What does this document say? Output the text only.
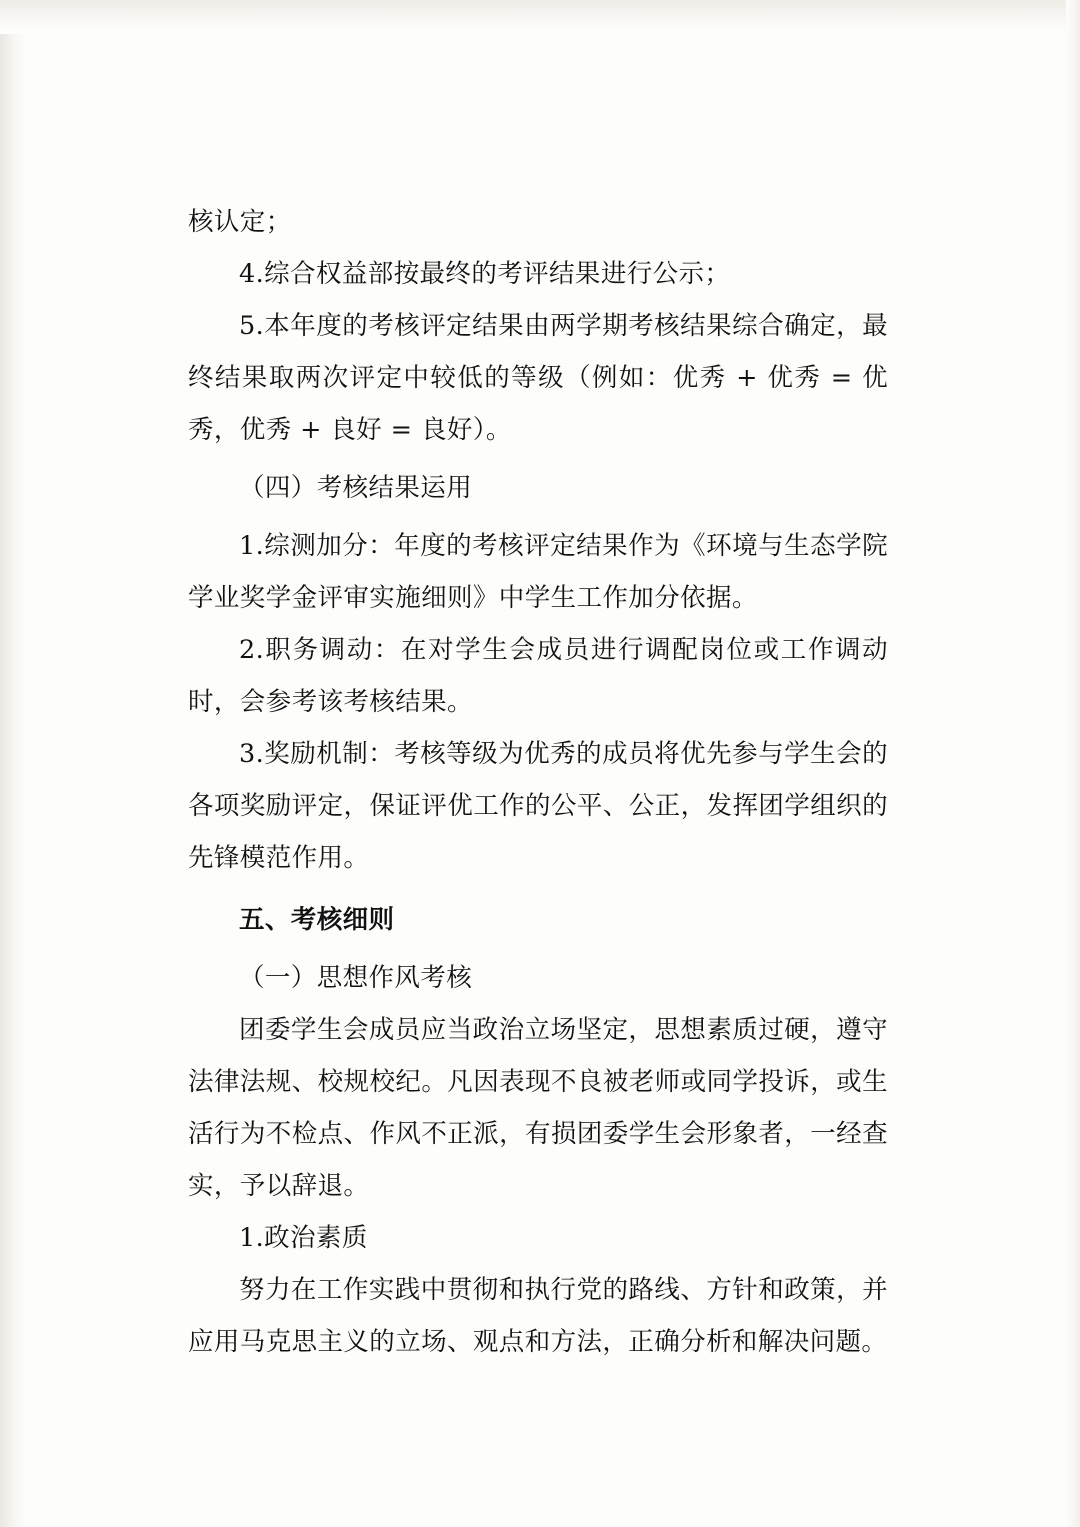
核认定；

4.综合权益部按最终的考评结果进行公示；

5.本年度的考核评定结果由两学期考核结果综合确定，最终结果取两次评定中较低的等级（例如：优秀 + 优秀 = 优秀，优秀 + 良好 = 良好）。

（四）考核结果运用

1.综测加分：年度的考核评定结果作为《环境与生态学院学业奖学金评审实施细则》中学生工作加分依据。

2.职务调动：在对学生会成员进行调配岗位或工作调动时，会参考该考核结果。

3.奖励机制：考核等级为优秀的成员将优先参与学生会的各项奖励评定，保证评优工作的公平、公正，发挥团学组织的先锋模范作用。

五、考核细则

（一）思想作风考核

团委学生会成员应当政治立场坚定，思想素质过硬，遵守法律法规、校规校纪。凡因表现不良被老师或同学投诉，或生活行为不检点、作风不正派，有损团委学生会形象者，一经查实，予以辞退。

1.政治素质

努力在工作实践中贯彻和执行党的路线、方针和政策，并应用马克思主义的立场、观点和方法，正确分析和解决问题。
